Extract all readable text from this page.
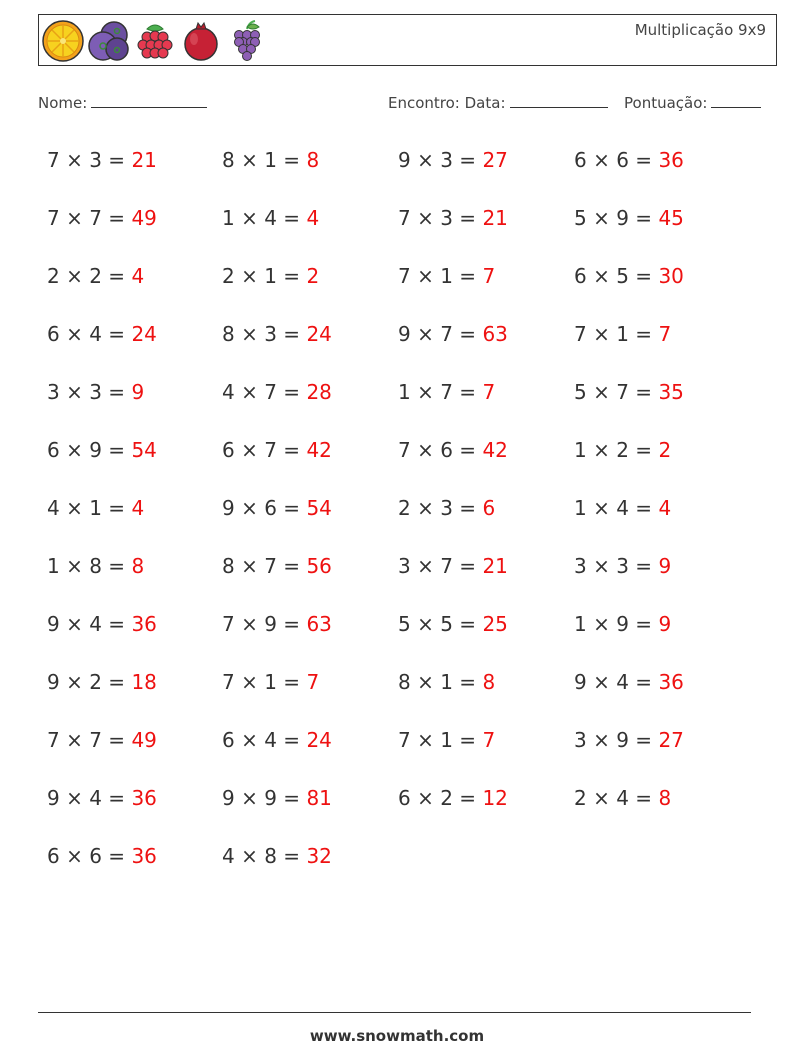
Multiplicação 9x9
Nome:	Encontro: Data:	Pontuação:
7 × 3 = 21
7 × 7 = 49
2 × 2 = 4
6 × 4 = 24
3 × 3 = 9
6 × 9 = 54
4 × 1 = 4
1 × 8 = 8
9 × 4 = 36
9 × 2 = 18
7 × 7 = 49
9 × 4 = 36
6 × 6 = 36
8 × 1 = 8
1 × 4 = 4
2 × 1 = 2
8 × 3 = 24
4 × 7 = 28
6 × 7 = 42
9 × 6 = 54
8 × 7 = 56
7 × 9 = 63
7 × 1 = 7
6 × 4 = 24
9 × 9 = 81
4 × 8 = 32
9 × 3 = 27
7 × 3 = 21
7 × 1 = 7
9 × 7 = 63
1 × 7 = 7
7 × 6 = 42
2 × 3 = 6
3 × 7 = 21
5 × 5 = 25
8 × 1 = 8
7 × 1 = 7
6 × 2 = 12
6 × 6 = 36
5 × 9 = 45
6 × 5 = 30
7 × 1 = 7
5 × 7 = 35
1 × 2 = 2
1 × 4 = 4
3 × 3 = 9
1 × 9 = 9
9 × 4 = 36
3 × 9 = 27
2 × 4 = 8
www.snowmath.com
